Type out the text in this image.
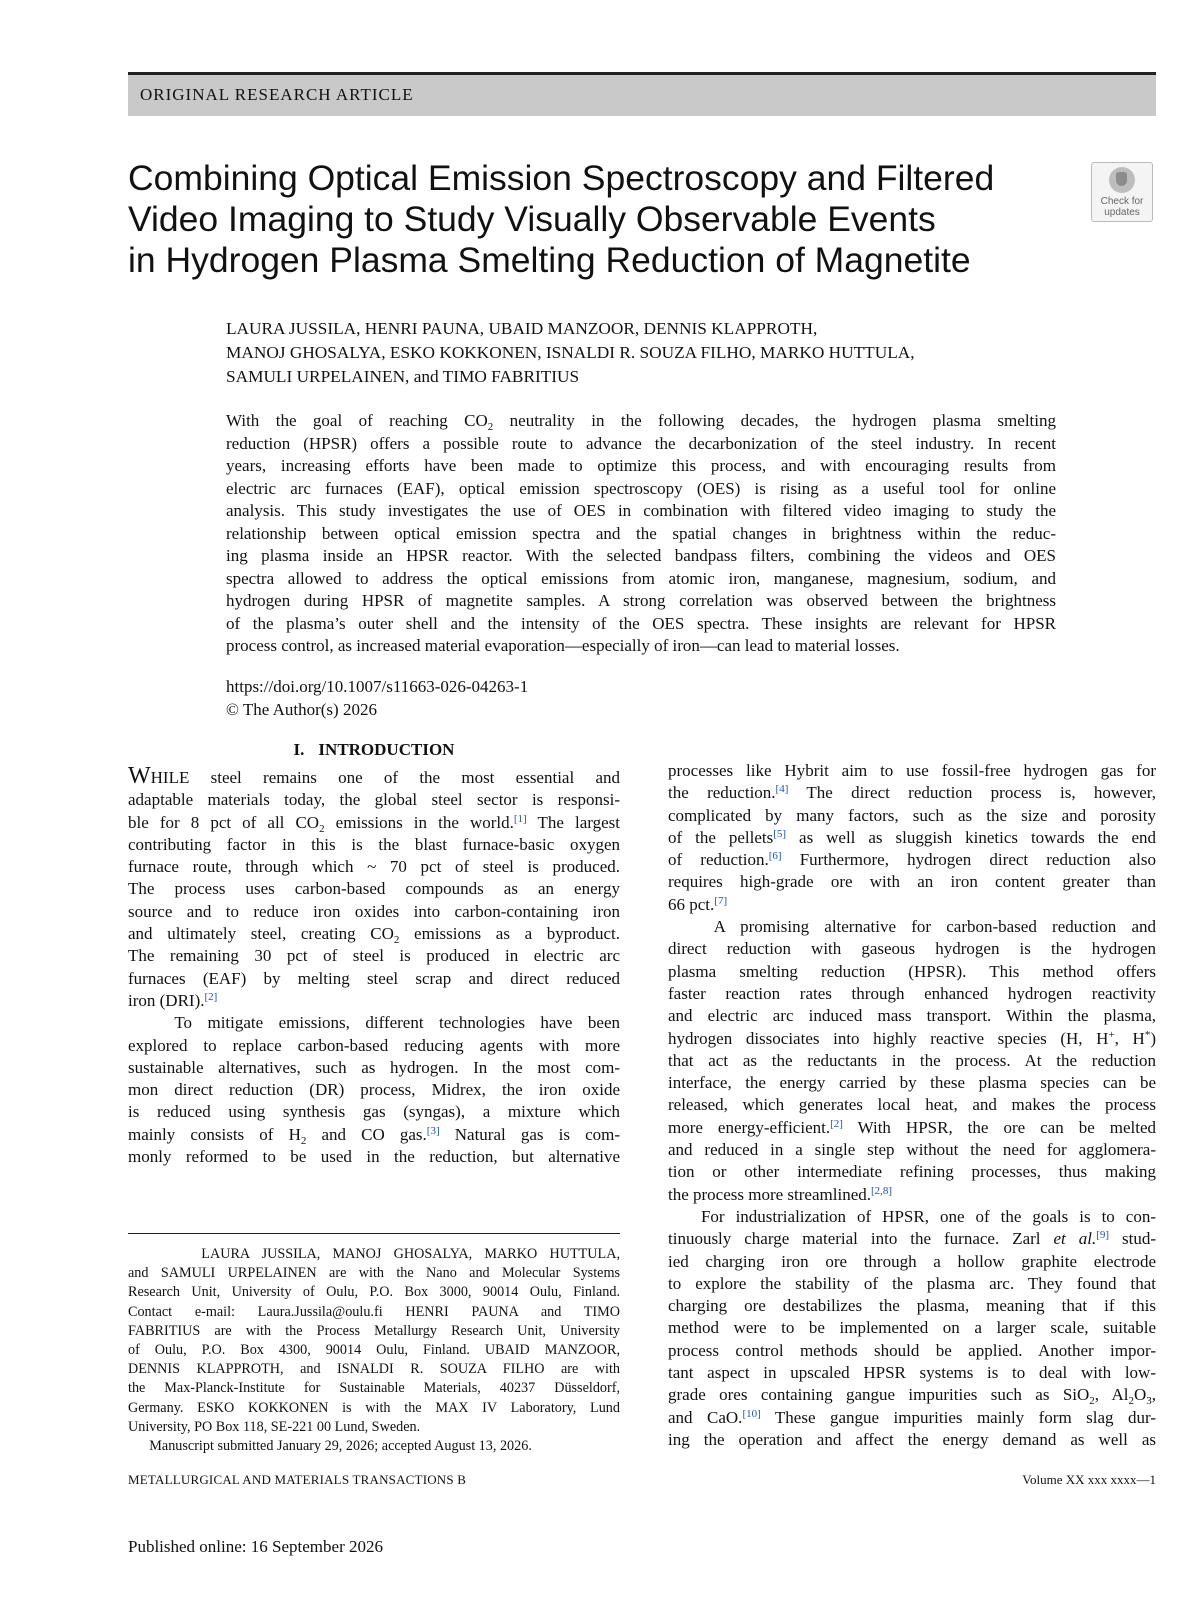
ORIGINAL RESEARCH ARTICLE
Combining Optical Emission Spectroscopy and Filtered
Video Imaging to Study Visually Observable Events
in Hydrogen Plasma Smelting Reduction of Magnetite
Check for
updates
LAURA JUSSILA, HENRI PAUNA, UBAID MANZOOR, DENNIS KLAPPROTH,
MANOJ GHOSALYA, ESKO KOKKONEN, ISNALDI R. SOUZA FILHO, MARKO HUTTULA,
SAMULI URPELAINEN, and TIMO FABRITIUS
With the goal of reaching $CO_2$ neutrality in the following decades, the hydrogen plasma smelting
reduction (HPSR) offers a possible route to advance the decarbonization of the steel industry. In recent
years, increasing efforts have been made to optimize this process, and with encouraging results from
electric arc furnaces (EAF), optical emission spectroscopy (OES) is rising as a useful tool for online
analysis. This study investigates the use of OES in combination with filtered video imaging to study the
relationship between optical emission spectra and the spatial changes in brightness within the reduc-
ing plasma inside an HPSR reactor. With the selected bandpass filters, combining the videos and OES
spectra allowed to address the optical emissions from atomic iron, manganese, magnesium, sodium, and
hydrogen during HPSR of magnetite samples. A strong correlation was observed between the brightness
of the plasma’s outer shell and the intensity of the OES spectra. These insights are relevant for HPSR
process control, as increased material evaporation—especially of iron—can lead to material losses.
https://doi.org/10.1007/s11663-026-04263-1
© The Author(s) 2026
I. INTRODUCTION
WHILE steel remains one of the most essential and
adaptable materials today, the global steel sector is responsi-
ble for 8 pct of all $CO_2$ emissions in the world.[1] The largest
contributing factor in this is the blast furnace-basic oxygen
furnace route, through which ~ 70 pct of steel is produced.
The process uses carbon-based compounds as an energy
source and to reduce iron oxides into carbon-containing iron
and ultimately steel, creating $CO_2$ emissions as a byproduct.
The remaining 30 pct of steel is produced in electric arc
furnaces (EAF) by melting steel scrap and direct reduced
iron (DRI).[2]
To mitigate emissions, different technologies have been
explored to replace carbon-based reducing agents with more
sustainable alternatives, such as hydrogen. In the most com-
mon direct reduction (DR) process, Midrex, the iron oxide
is reduced using synthesis gas (syngas), a mixture which
mainly consists of $H_2$ and CO gas.[3] Natural gas is com-
monly reformed to be used in the reduction, but alternative
LAURA JUSSILA, MANOJ GHOSALYA, MARKO HUTTULA,
and SAMULI URPELAINEN are with the Nano and Molecular Systems
Research Unit, University of Oulu, P.O. Box 3000, 90014 Oulu, Finland.
Contact e-mail: Laura.Jussila@oulu.fi HENRI PAUNA and TIMO
FABRITIUS are with the Process Metallurgy Research Unit, University
of Oulu, P.O. Box 4300, 90014 Oulu, Finland. UBAID MANZOOR,
DENNIS KLAPPROTH, and ISNALDI R. SOUZA FILHO are with
the Max-Planck-Institute for Sustainable Materials, 40237 Düsseldorf,
Germany. ESKO KOKKONEN is with the MAX IV Laboratory, Lund
University, PO Box 118, SE-221 00 Lund, Sweden.
Manuscript submitted January 29, 2026; accepted August 13, 2026.
processes like Hybrit aim to use fossil-free hydrogen gas for
the reduction.[4] The direct reduction process is, however,
complicated by many factors, such as the size and porosity
of the pellets[5] as well as sluggish kinetics towards the end
of reduction.[6] Furthermore, hydrogen direct reduction also
requires high-grade ore with an iron content greater than
66 pct.[7]
A promising alternative for carbon-based reduction and
direct reduction with gaseous hydrogen is the hydrogen
plasma smelting reduction (HPSR). This method offers
faster reaction rates through enhanced hydrogen reactivity
and electric arc induced mass transport. Within the plasma,
hydrogen dissociates into highly reactive species (H, H+, H*)
that act as the reductants in the process. At the reduction
interface, the energy carried by these plasma species can be
released, which generates local heat, and makes the process
more energy-efficient.[2] With HPSR, the ore can be melted
and reduced in a single step without the need for agglomera-
tion or other intermediate refining processes, thus making
the process more streamlined.[2,8]
For industrialization of HPSR, one of the goals is to con-
tinuously charge material into the furnace. Zarl et al.[9] stud-
ied charging iron ore through a hollow graphite electrode
to explore the stability of the plasma arc. They found that
charging ore destabilizes the plasma, meaning that if this
method were to be implemented on a larger scale, suitable
process control methods should be applied. Another impor-
tant aspect in upscaled HPSR systems is to deal with low-
grade ores containing gangue impurities such as SiO$_2$, $Al_2O_3$,
and CaO.[10] These gangue impurities mainly form slag dur-
ing the operation and affect the energy demand as well as
METALLURGICAL AND MATERIALS TRANSACTIONS B	Volume XX xxx xxxx—1
Published online: 16 September 2026
